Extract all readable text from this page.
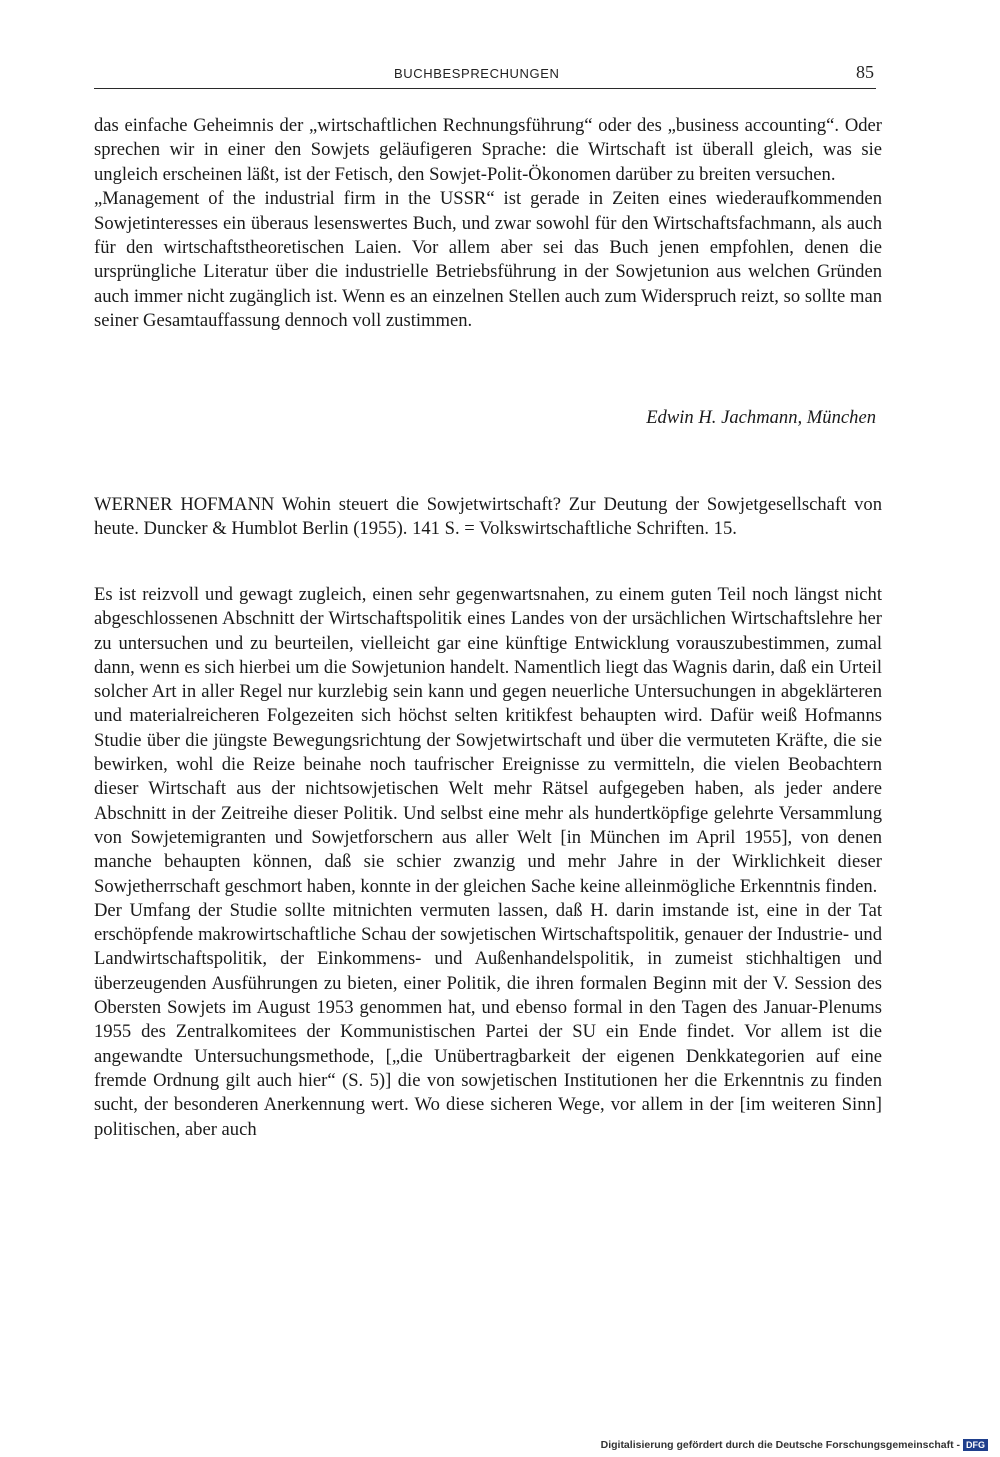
BUCHBESPRECHUNGEN	85

das einfache Geheimnis der „wirtschaftlichen Rechnungsführung“ oder des „business accounting“. Oder sprechen wir in einer den Sowjets geläufigeren Sprache: die Wirtschaft ist überall gleich, was sie ungleich erscheinen läßt, ist der Fetisch, den Sowjet-Polit-Ökonomen darüber zu breiten versuchen.

„Management of the industrial firm in the USSR“ ist gerade in Zeiten eines wiederaufkommenden Sowjetinteresses ein überaus lesenswertes Buch, und zwar sowohl für den Wirtschaftsfachmann, als auch für den wirtschaftstheoretischen Laien. Vor allem aber sei das Buch jenen empfohlen, denen die ursprüngliche Literatur über die industrielle Betriebsführung in der Sowjetunion aus welchen Gründen auch immer nicht zugänglich ist. Wenn es an einzelnen Stellen auch zum Widerspruch reizt, so sollte man seiner Gesamtauffassung dennoch voll zustimmen.

Edwin H. Jachmann, München

WERNER HOFMANN Wohin steuert die Sowjetwirtschaft? Zur Deutung der Sowjetgesellschaft von heute. Duncker & Humblot Berlin (1955). 141 S. = Volkswirtschaftliche Schriften. 15.

Es ist reizvoll und gewagt zugleich, einen sehr gegenwartsnahen, zu einem guten Teil noch längst nicht abgeschlossenen Abschnitt der Wirtschaftspolitik eines Landes von der ursächlichen Wirtschaftslehre her zu untersuchen und zu beurteilen, vielleicht gar eine künftige Entwicklung vorauszubestimmen, zumal dann, wenn es sich hierbei um die Sowjetunion handelt. Namentlich liegt das Wagnis darin, daß ein Urteil solcher Art in aller Regel nur kurzlebig sein kann und gegen neuerliche Untersuchungen in abgeklärteren und materialreicheren Folgezeiten sich höchst selten kritikfest behaupten wird. Dafür weiß Hofmanns Studie über die jüngste Bewegungsrichtung der Sowjetwirtschaft und über die vermuteten Kräfte, die sie bewirken, wohl die Reize beinahe noch taufrischer Ereignisse zu vermitteln, die vielen Beobachtern dieser Wirtschaft aus der nichtsowjetischen Welt mehr Rätsel aufgegeben haben, als jeder andere Abschnitt in der Zeitreihe dieser Politik. Und selbst eine mehr als hundertköpfige gelehrte Versammlung von Sowjetemigranten und Sowjetforschern aus aller Welt [in München im April 1955], von denen manche behaupten können, daß sie schier zwanzig und mehr Jahre in der Wirklichkeit dieser Sowjetherrschaft geschmort haben, konnte in der gleichen Sache keine alleinmögliche Erkenntnis finden.

Der Umfang der Studie sollte mitnichten vermuten lassen, daß H. darin imstande ist, eine in der Tat erschöpfende makrowirtschaftliche Schau der sowjetischen Wirtschaftspolitik, genauer der Industrie- und Landwirtschaftspolitik, der Einkommens- und Außenhandelspolitik, in zumeist stichhaltigen und überzeugenden Ausführungen zu bieten, einer Politik, die ihren formalen Beginn mit der V. Session des Obersten Sowjets im August 1953 genommen hat, und ebenso formal in den Tagen des Januar-Plenums 1955 des Zentralkomitees der Kommunistischen Partei der SU ein Ende findet. Vor allem ist die angewandte Untersuchungsmethode, [„die Unübertragbarkeit der eigenen Denkkategorien auf eine fremde Ordnung gilt auch hier“ (S. 5)] die von sowjetischen Institutionen her die Erkenntnis zu finden sucht, der besonderen Anerkennung wert. Wo diese sicheren Wege, vor allem in der [im weiteren Sinn] politischen, aber auch

Digitalisierung gefördert durch die Deutsche Forschungsgemeinschaft - DFG
